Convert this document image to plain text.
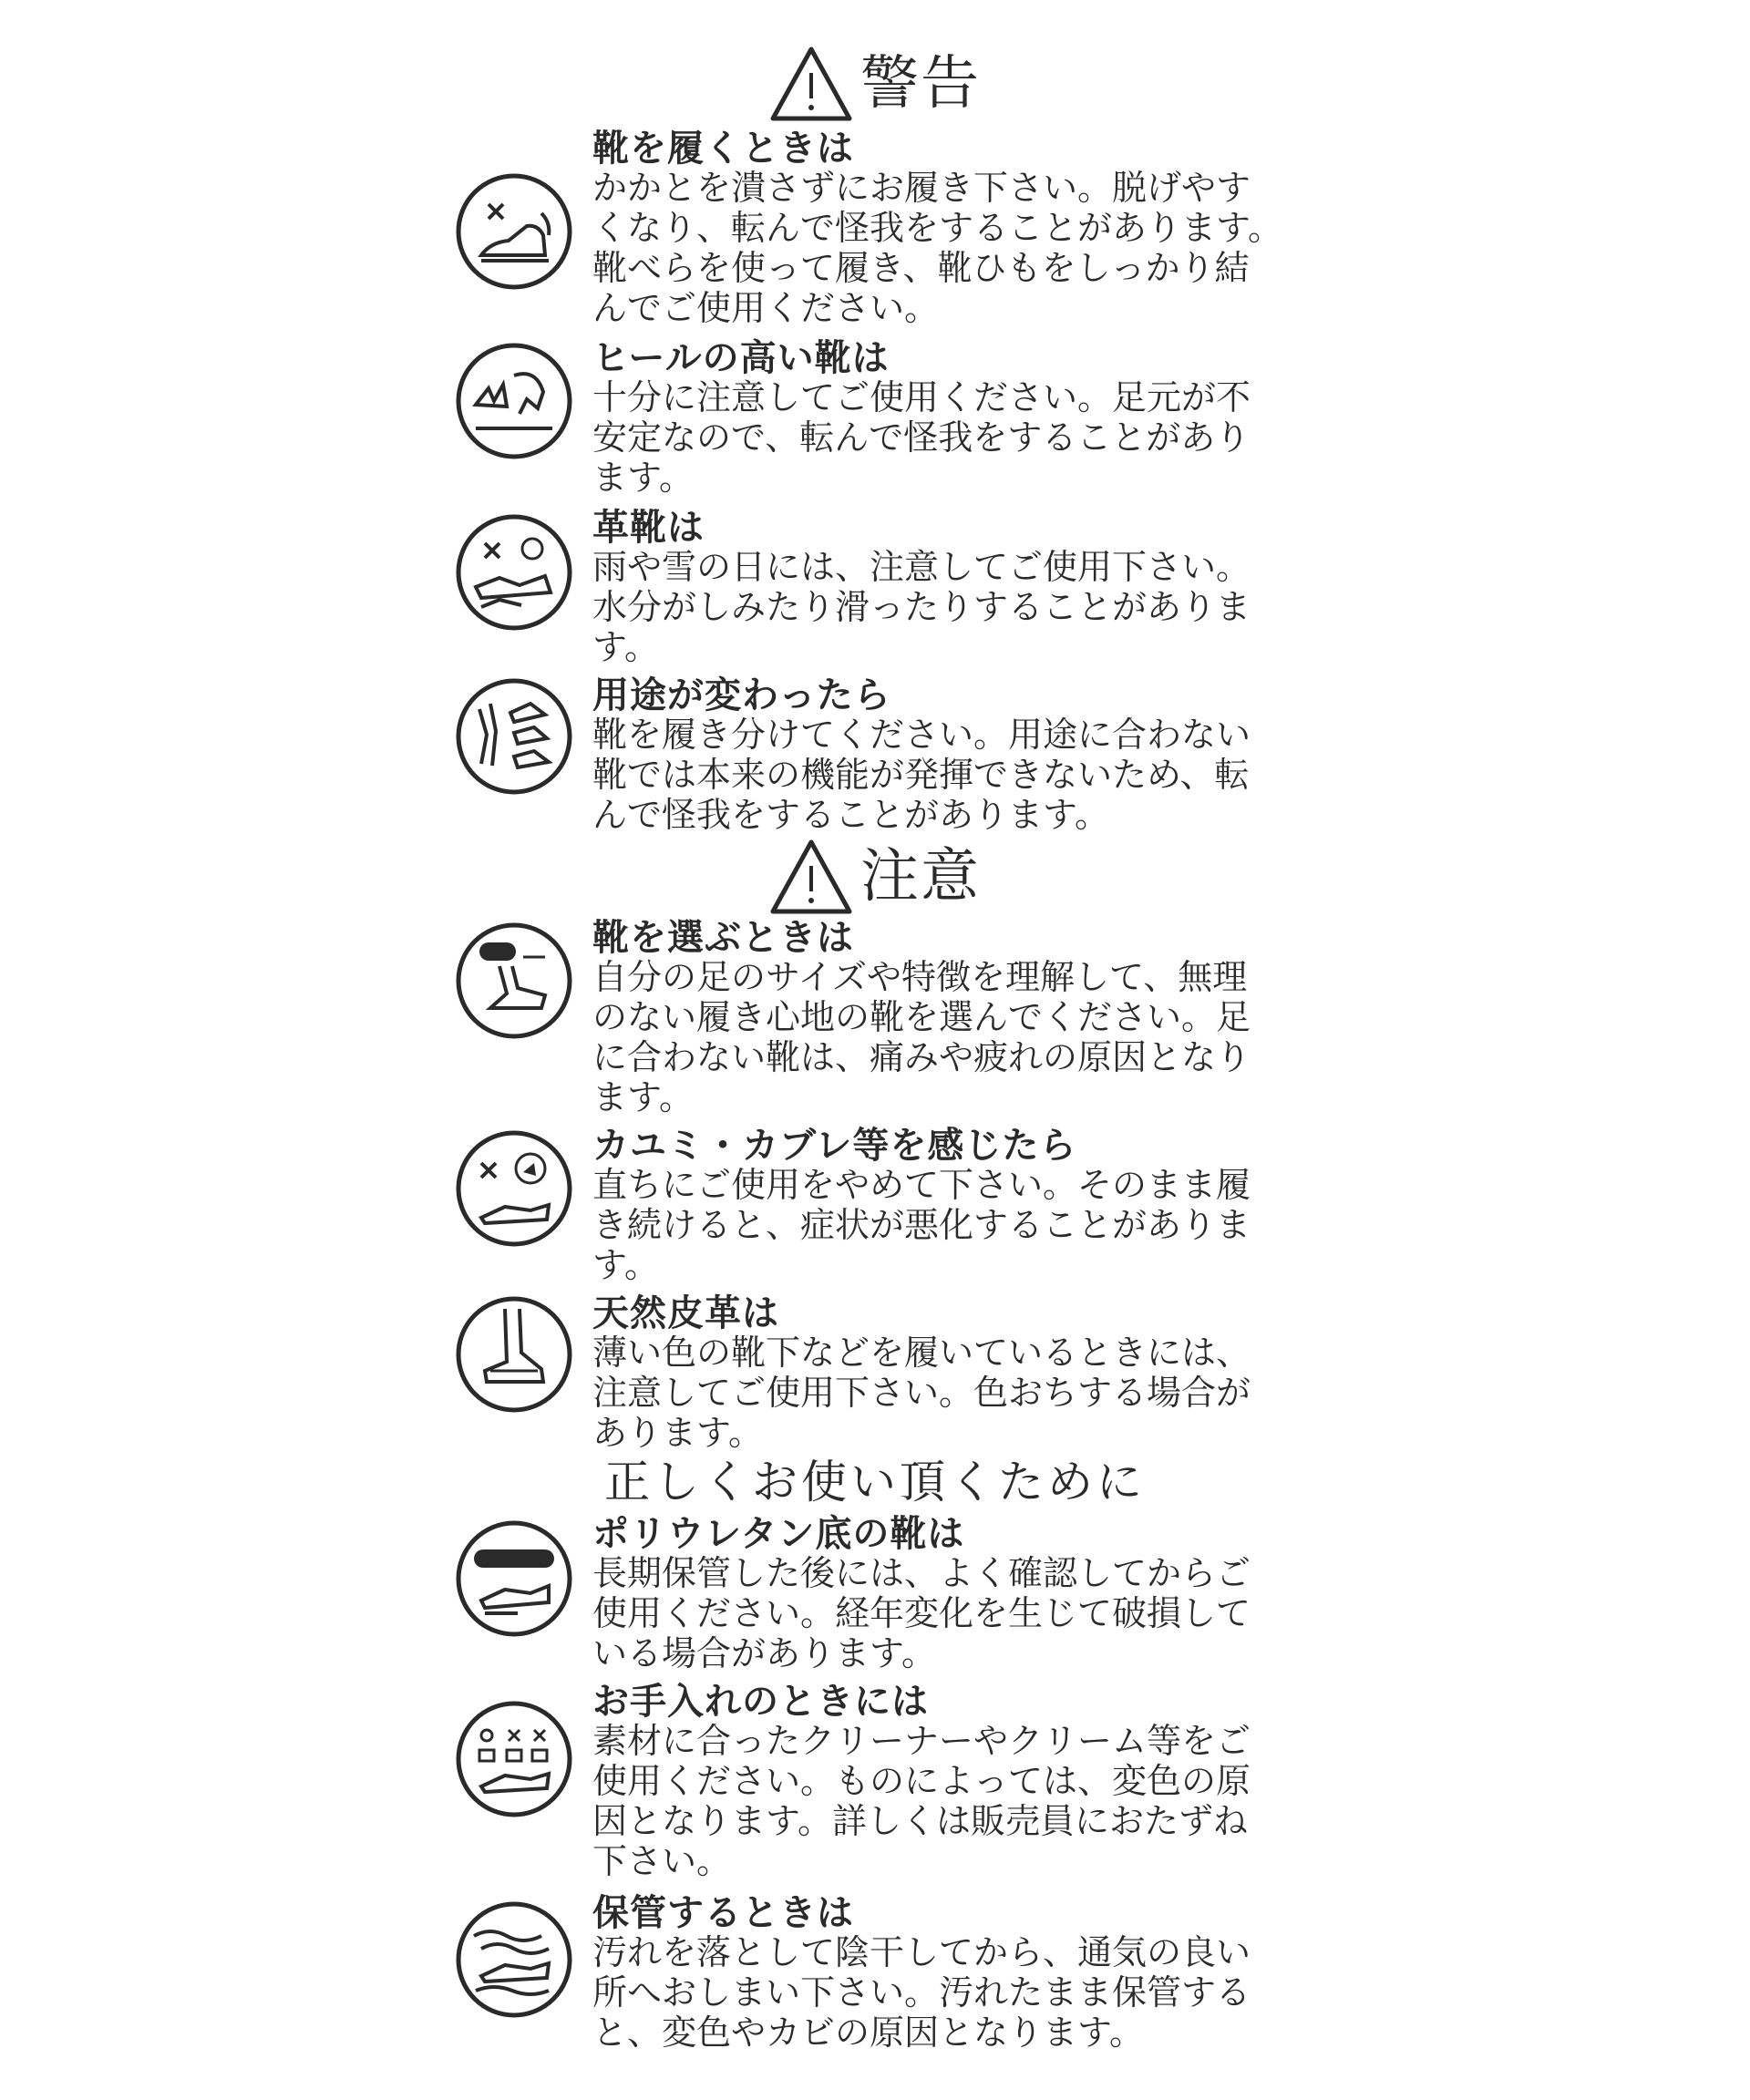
警告
靴を履くときは
かかとを潰さずにお履き下さい。脱げやす
くなり、転んで怪我をすることがあります。
靴べらを使って履き、靴ひもをしっかり結
んでご使用ください。
ヒールの高い靴は
十分に注意してご使用ください。足元が不
安定なので、転んで怪我をすることがあり
ます。
革靴は
雨や雪の日には、注意してご使用下さい。
水分がしみたり滑ったりすることがありま
す。
用途が変わったら
靴を履き分けてください。用途に合わない
靴では本来の機能が発揮できないため、転
んで怪我をすることがあります。
注意
靴を選ぶときは
自分の足のサイズや特徴を理解して、無理
のない履き心地の靴を選んでください。足
に合わない靴は、痛みや疲れの原因となり
ます。
カユミ・カブレ等を感じたら
直ちにご使用をやめて下さい。そのまま履
き続けると、症状が悪化することがありま
す。
天然皮革は
薄い色の靴下などを履いているときには、
注意してご使用下さい。色おちする場合が
あります。
正しくお使い頂くために
ポリウレタン底の靴は
長期保管した後には、よく確認してからご
使用ください。経年変化を生じて破損して
いる場合があります。
お手入れのときには
素材に合ったクリーナーやクリーム等をご
使用ください。ものによっては、変色の原
因となります。詳しくは販売員におたずね
下さい。
保管するときは
汚れを落として陰干してから、通気の良い
所へおしまい下さい。汚れたまま保管する
と、変色やカビの原因となります。
